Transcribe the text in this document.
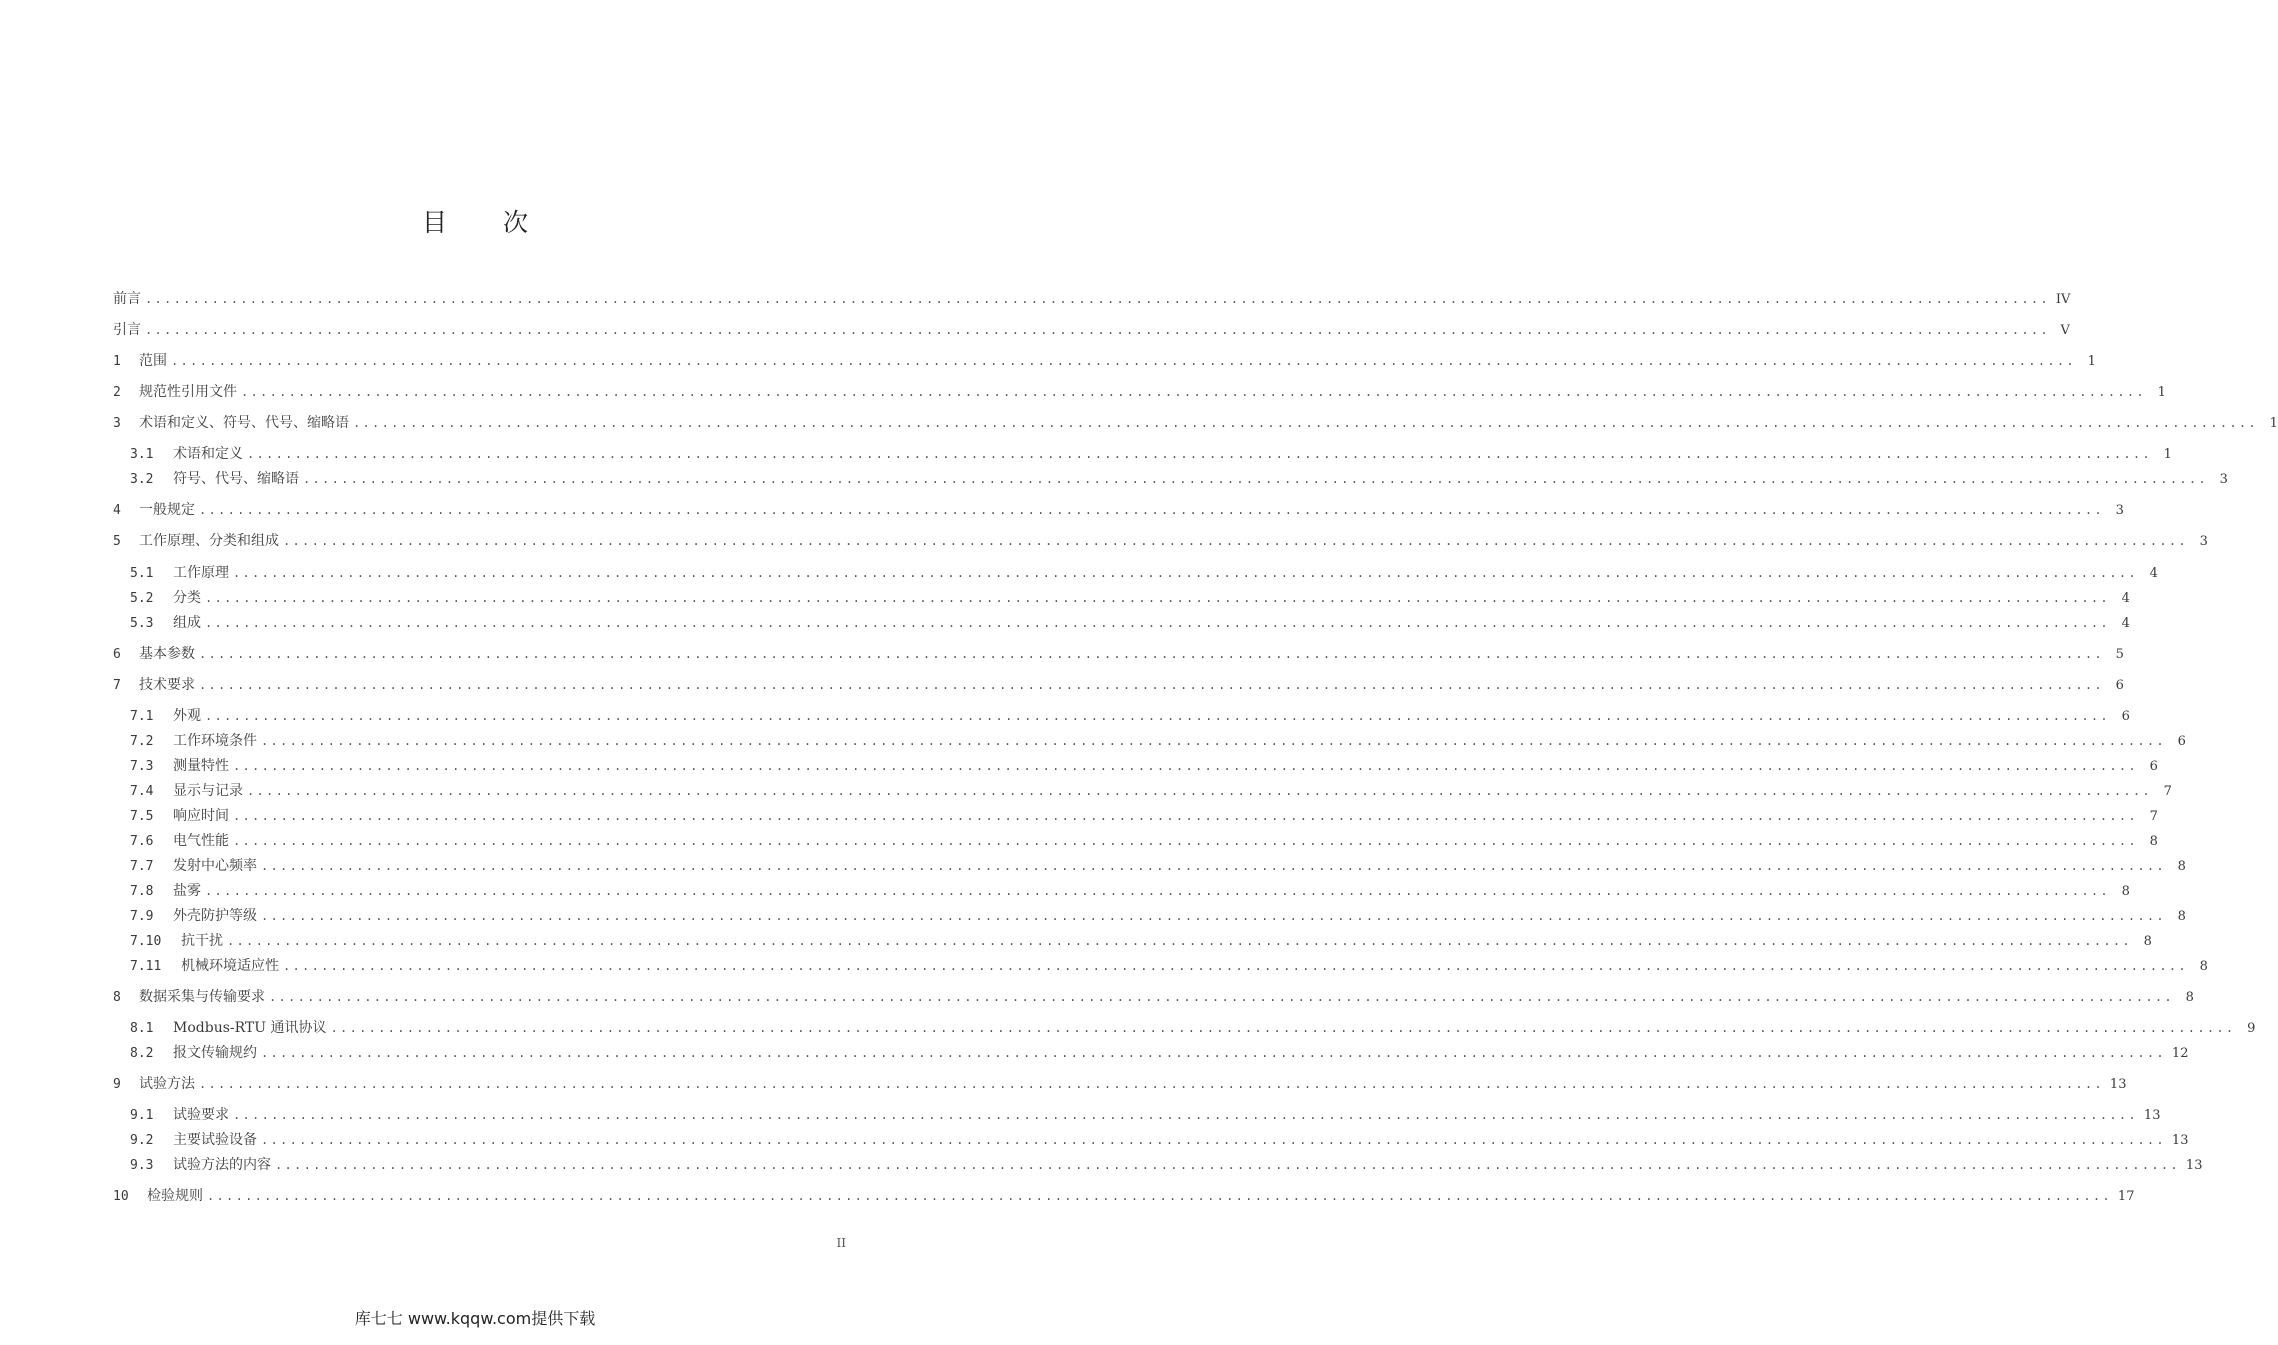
目 次
前言 ........................................................................................................................................................................................................ IV
引言 ........................................................................................................................................................................................................ V
1	范围 ........................................................................................................................................................................................................ 1
2	规范性引用文件 ........................................................................................................................................................................................................ 1
3	术语和定义、符号、代号、缩略语 ........................................................................................................................................................................................................ 1
3.1	术语和定义 ........................................................................................................................................................................................................ 1
3.2	符号、代号、缩略语 ........................................................................................................................................................................................................ 3
4	一般规定 ........................................................................................................................................................................................................ 3
5	工作原理、分类和组成 ........................................................................................................................................................................................................ 3
5.1	工作原理 ........................................................................................................................................................................................................ 4
5.2	分类 ........................................................................................................................................................................................................ 4
5.3	组成 ........................................................................................................................................................................................................ 4
6	基本参数 ........................................................................................................................................................................................................ 5
7	技术要求 ........................................................................................................................................................................................................ 6
7.1	外观 ........................................................................................................................................................................................................ 6
7.2	工作环境条件 ........................................................................................................................................................................................................ 6
7.3	测量特性 ........................................................................................................................................................................................................ 6
7.4	显示与记录 ........................................................................................................................................................................................................ 7
7.5	响应时间 ........................................................................................................................................................................................................ 7
7.6	电气性能 ........................................................................................................................................................................................................ 8
7.7	发射中心频率 ........................................................................................................................................................................................................ 8
7.8	盐雾 ........................................................................................................................................................................................................ 8
7.9	外壳防护等级 ........................................................................................................................................................................................................ 8
7.10	抗干扰 ........................................................................................................................................................................................................ 8
7.11	机械环境适应性 ........................................................................................................................................................................................................ 8
8	数据采集与传输要求 ........................................................................................................................................................................................................ 8
8.1	Modbus-RTU 通讯协议 ........................................................................................................................................................................................................ 9
8.2	报文传输规约 ........................................................................................................................................................................................................ 12
9	试验方法 ........................................................................................................................................................................................................ 13
9.1	试验要求 ........................................................................................................................................................................................................ 13
9.2	主要试验设备 ........................................................................................................................................................................................................ 13
9.3	试验方法的内容 ........................................................................................................................................................................................................ 13
10	检验规则 ........................................................................................................................................................................................................ 17
II
库七七 www.kqqw.com提供下载
